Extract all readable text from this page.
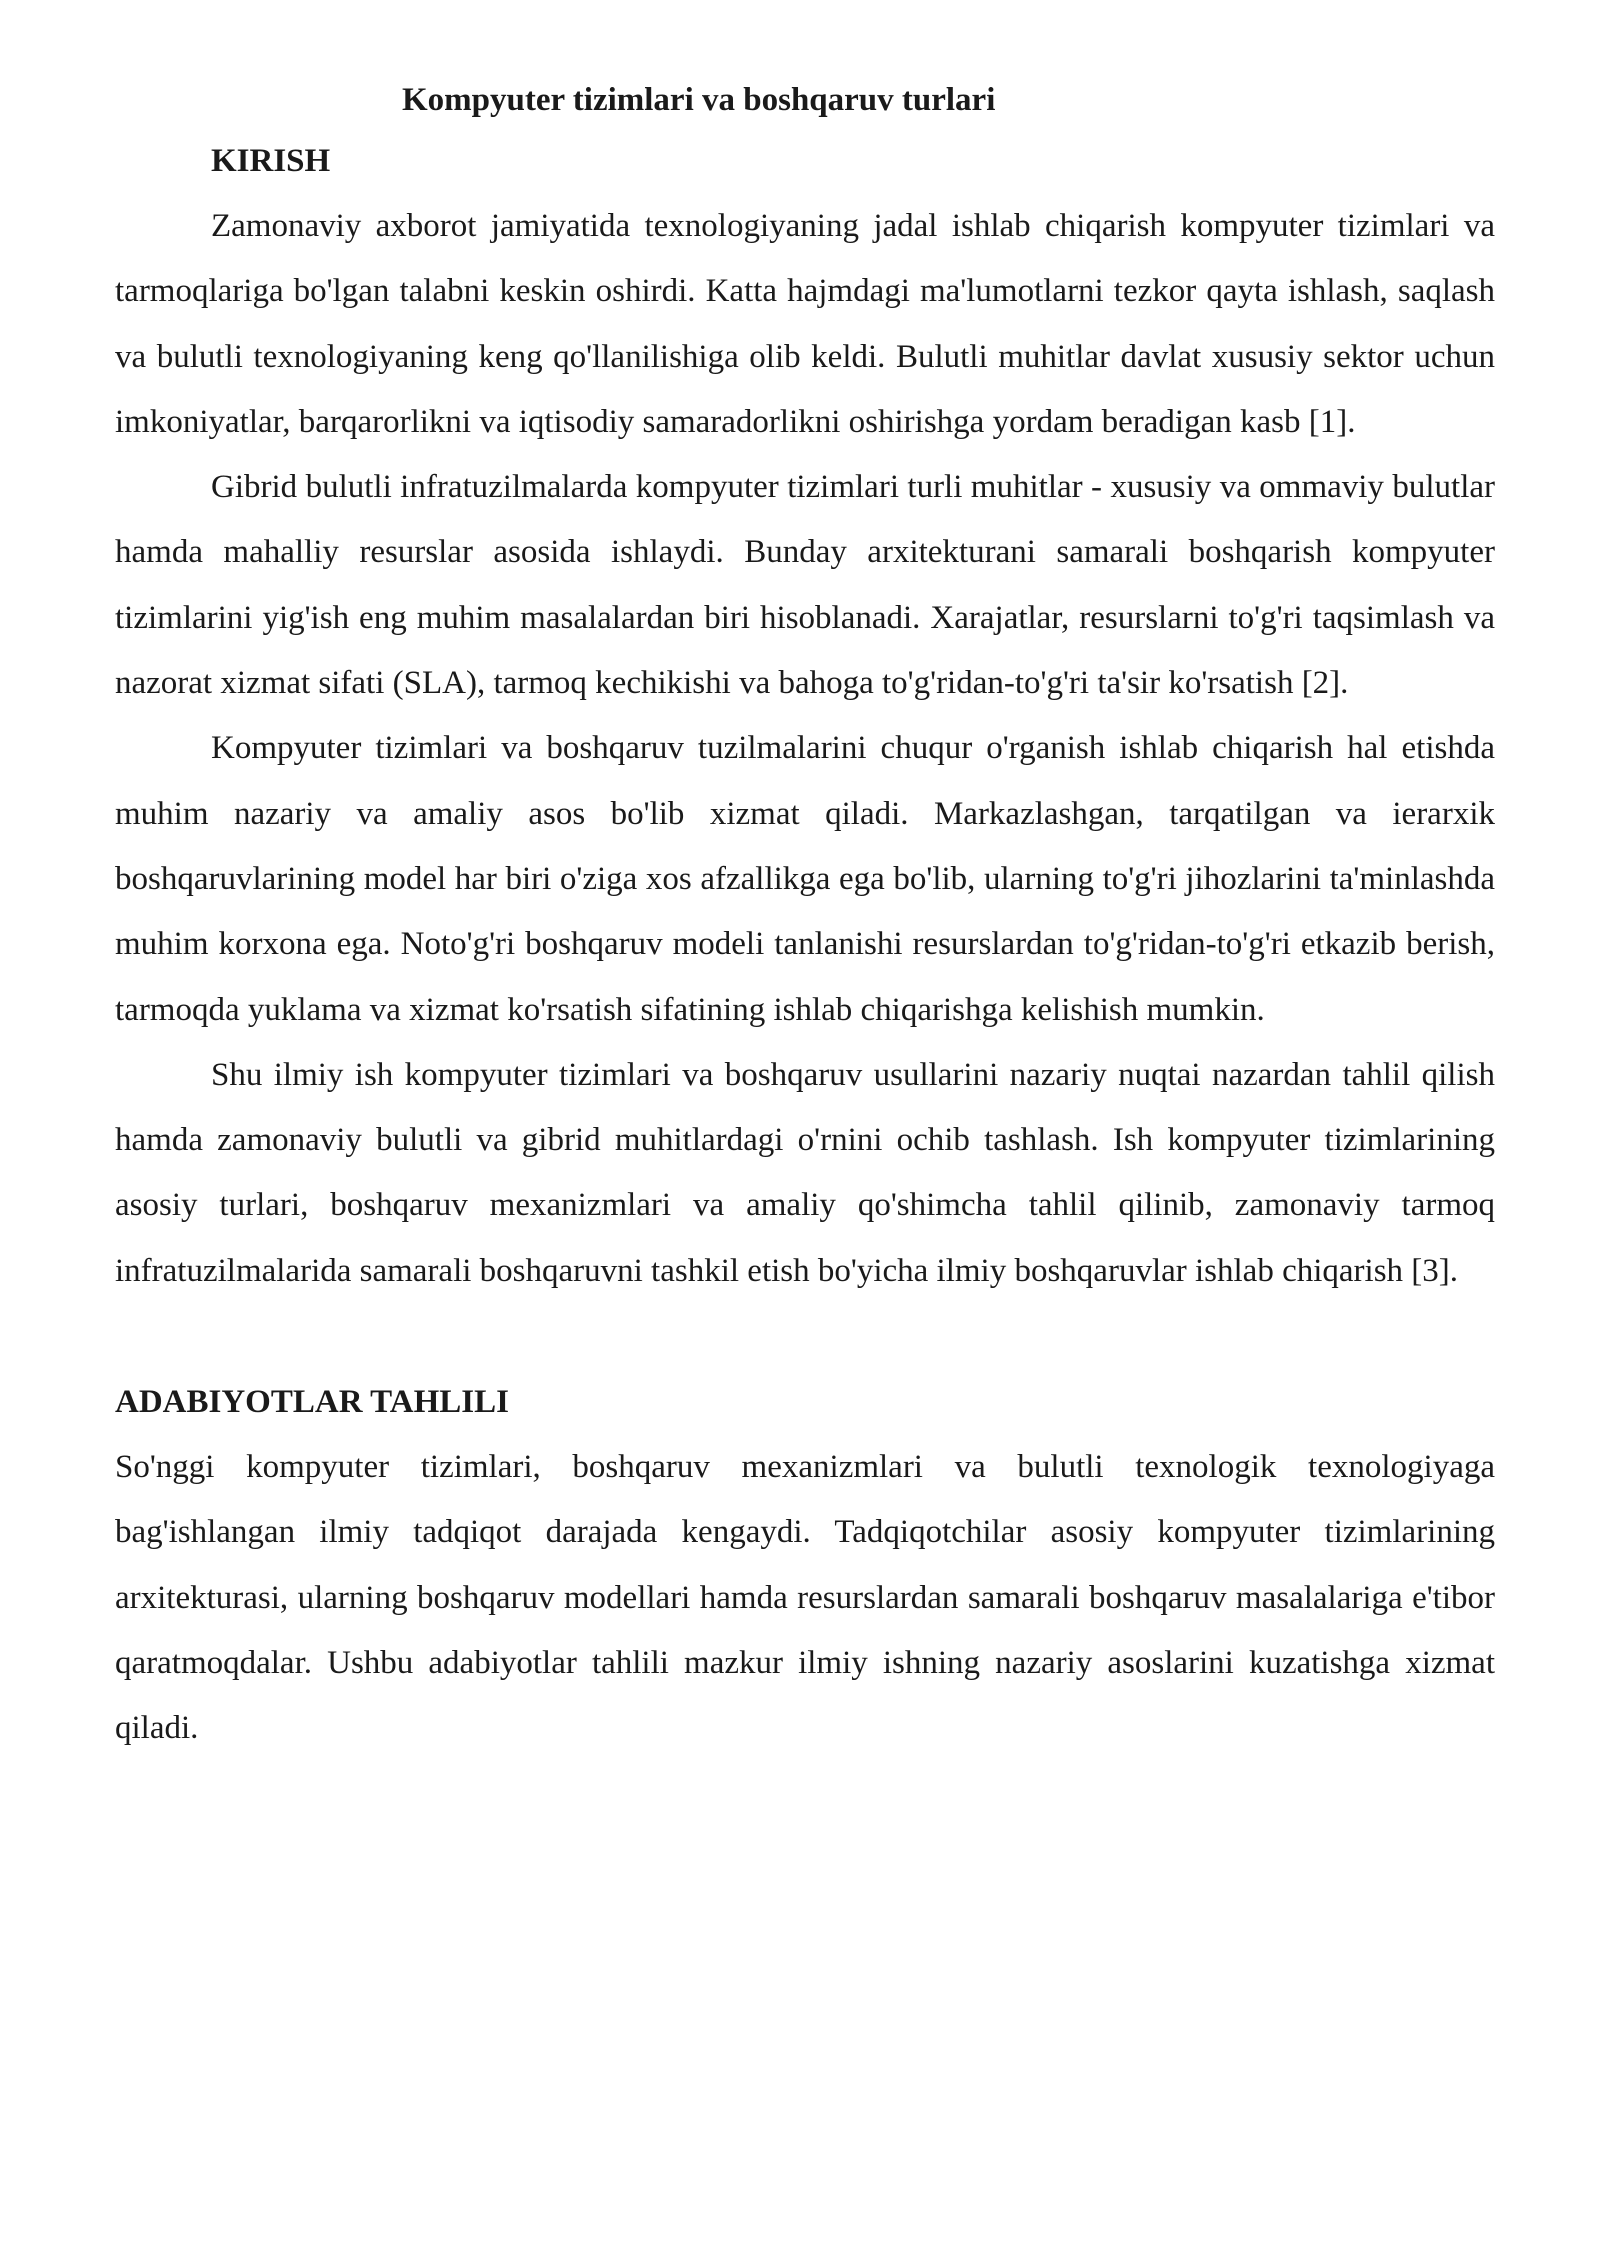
Kompyuter tizimlari va boshqaruv turlari
KIRISH

Zamonaviy axborot jamiyatida texnologiyaning jadal ishlab chiqarish kompyuter tizimlari va tarmoqlariga bo'lgan talabni keskin oshirdi. Katta hajmdagi ma'lumotlarni tezkor qayta ishlash, saqlash va bulutli texnologiyaning keng qo'llanilishiga olib keldi. Bulutli muhitlar davlat xususiy sektor uchun imkoniyatlar, barqarorlikni va iqtisodiy samaradorlikni oshirishga yordam beradigan kasb [1].

Gibrid bulutli infratuzilmalarda kompyuter tizimlari turli muhitlar - xususiy va ommaviy bulutlar hamda mahalliy resurslar asosida ishlaydi. Bunday arxitekturani samarali boshqarish kompyuter tizimlarini yig'ish eng muhim masalalardan biri hisoblanadi. Xarajatlar, resurslarni to'g'ri taqsimlash va nazorat xizmat sifati (SLA), tarmoq kechikishi va bahoga to'g'ridan-to'g'ri ta'sir ko'rsatish [2].

Kompyuter tizimlari va boshqaruv tuzilmalarini chuqur o'rganish ishlab chiqarish hal etishda muhim nazariy va amaliy asos bo'lib xizmat qiladi. Markazlashgan, tarqatilgan va ierarxik boshqaruvlarining model har biri o'ziga xos afzallikga ega bo'lib, ularning to'g'ri jihozlarini ta'minlashda muhim korxona ega. Noto'g'ri boshqaruv modeli tanlanishi resurslardan to'g'ridan-to'g'ri etkazib berish, tarmoqda yuklama va xizmat ko'rsatish sifatining ishlab chiqarishga kelishish mumkin.

Shu ilmiy ish kompyuter tizimlari va boshqaruv usullarini nazariy nuqtai nazardan tahlil qilish hamda zamonaviy bulutli va gibrid muhitlardagi o'rnini ochib tashlash. Ish kompyuter tizimlarining asosiy turlari, boshqaruv mexanizmlari va amaliy qo'shimcha tahlil qilinib, zamonaviy tarmoq infratuzilmalarida samarali boshqaruvni tashkil etish bo'yicha ilmiy boshqaruvlar ishlab chiqarish [3].

ADABIYOTLAR TAHLILI

So'nggi kompyuter tizimlari, boshqaruv mexanizmlari va bulutli texnologik texnologiyaga bag'ishlangan ilmiy tadqiqot darajada kengaydi. Tadqiqotchilar asosiy kompyuter tizimlarining arxitekturasi, ularning boshqaruv modellari hamda resurslardan samarali boshqaruv masalalariga e'tibor qaratmoqdalar. Ushbu adabiyotlar tahlili mazkur ilmiy ishning nazariy asoslarini kuzatishga xizmat qiladi.
